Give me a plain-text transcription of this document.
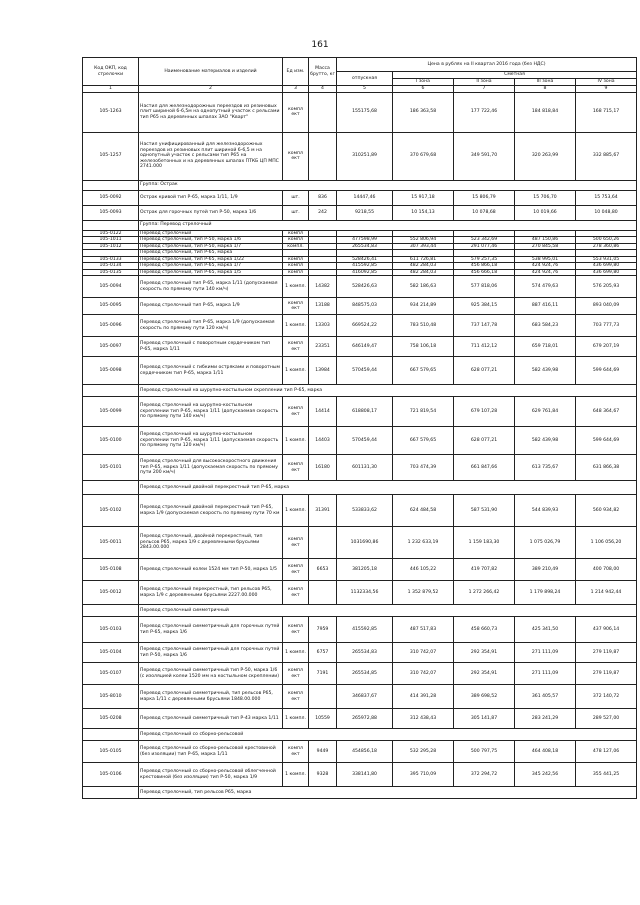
161
Код ОКП, код стрелочки	Наименование материалов и изделий	Ед изм.	Масса брутто, кг	Цена в рублях на II квартал 2016 года (без НДС)				
				отпускная	Сметная			
					I зона	II зона	III зона	IV зона
1	2	3	4	5	6	7	8	9
105-1263	Настил для железнодорожных переездов из резиновых плит шириной 6-6,5м на однопутный участок с рельсами тип Р65 на деревянных шпалах ЗАО "Кварт"	компл ект		155175,68	186 363,58	177 722,46	184 818,84	168 715,17
105-1257	Настил унифицированный для железнодорожных переездов из резиновых плит шириной 6-6,5 м на однопутный участок с рельсами тип Р65 на железобетонных и на деревянных шпалах ПТКБ ЦП МПС 2741.000	компл ект		310251,89	370 679,68	349 591,70	320 263,99	332 885,67
	Группа: Острак							
105-0092	Острак кривой тип Р-65, марка 1/11, 1/9	шт.	836	14447,46	15 917,18	15 806,79	15 706,70	15 753,64
105-0093	Острак для горочных путей тип Р-50, марка 1/6	шт.	242	9218,55	10 154,13	10 078,68	10 019,66	10 048,80
	Группа: Перевод стрелочный							
105-0122	Перевод стрелочный	компл						
105-1011	Перевод стрелочный, тип Р-50, марка 1/6	компл		477598,99	552 806,94	523 342,69	487 150,86	500 650,26
105-1012	Перевод стрелочный, тип Р-50, марка 1/7	компл.		265534,83	307 393,44	291 077,46	270 845,58	278 360,86
	Перевод стрелочный, тип Р-65, марка							
105-0133	Перевод стрелочный, тип Р-65, марка 1/22	компл		528426,41	611 726,81	579 257,35	538 995,01	553 931,05
105-0134	Перевод стрелочный, тип Р-65, марка 1/7	компл		415592,85	482 284,03	456 866,18	424 924,76	436 699,80
105-0135	Перевод стрелочный, тип Р-65, марка 1/5	компл		416092,85	482 284,03	456 666,18	424 924,76	436 699,80
105-0094	Перевод стрелочный тип Р-65, марка 1/11 (допускаемая скорость по прямому пути 140 км/ч)	1 компл.	14382	528426,63	582 186,63	577 818,06	574 479,63	576 205,93
105-0095	Перевод стрелочный тип Р-65, марка 1/9	компл ект	13188	848575,03	934 214,89	925 384,15	887 416,11	893 040,09
105-0096	Перевод стрелочный тип Р-65, марка 1/9 (допускаемая скорость по прямому пути 120 км/ч)	1 компл.	13303	669524,22	783 510,48	737 147,78	683 584,23	703 777,73
105-0097	Перевод стрелочный с поворотным сердечником тип Р-65, марка 1/11	компл ект	23351	646149,47	758 106,18	711 412,12	659 718,01	679 207,19
105-0098	Перевод стрелочный с гибкими остряками и поворотным сердечником тип Р-65, марка 1/11	1 компл.	13984	570459,44	667 579,65	628 077,21	582 439,98	599 644,69
	Перевод стрелочный на шурупно-костыльном скреплении тип Р-65, марка							
105-0099	Перевод стрелочный на шурупно-костыльном скреплении тип Р-65, марка 1/11 (допускаемая скорость по прямому пути 140 км/ч)	компл ект	14414	618808,17	721 819,54	679 107,28	629 761,84	648 364,67
105-0100	Перевод стрелочный на шурупно-костыльном скреплении тип Р-65, марка 1/11 (допускаемая скорость по прямому пути 120 км/ч)	1 компл.	14403	570459,44	667 579,65	628 077,21	582 439,98	599 644,69
105-0101	Перевод стрелочный для высокоскоростного движения тип Р-65, марка 1/11 (допускаемая скорость по прямому пути 200 км/ч)	компл ект	16180	601131,30	703 474,39	661 847,66	613 735,67	631 866,38
	Перевод стрелочный двойной перекрестный тип Р-65, марка							
105-0102	Перевод стрелочный двойной перекрестный тип Р-65, марка 1/9 (допускаемая скорость по прямому пути 70 км	1 компл.	31391	533833,62	624 484,58	587 531,90	544 839,93	560 934,82
105-0011	Перевод стрелочный, двойной перекрестный, тип рельсов Р65, марка 1/9 с деревянными брусьями 2843.00.000	компл ект		1031690,86	1 232 633,19	1 159 183,30	1 075 026,79	1 106 056,20
105-0108	Перевод стрелочный колеи 1524 мм тип Р-50, марка 1/5	компл ект	6653	381205,18	446 105,22	419 707,82	389 210,49	400 708,00
105-0012	Перевод стрелочный перекрестный, тип рельсов Р65, марка 1/9 с деревянными брусьями 2227.00.000	компл ект		1132334,56	1 352 879,52	1 272 266,42	1 179 898,24	1 214 942,44
	Перевод стрелочный симметричный							
105-0103	Перевод стрелочный симметричный для горочных путей тип Р-65, марка 1/6	компл ект	7959	415592,85	487 517,83	458 660,73	425 341,50	437 906,14
105-0104	Перевод стрелочный симметричный для горочных путей тип Р-50, марка 1/6	1 компл.	6757	265534,83	310 742,07	292 354,91	271 111,09	279 119,87
105-0107	Перевод стрелочный симметричный тип Р-50, марка 1/6 (с изоляцией колеи 1520 мм на костыльном скреплении)	компл ект	7191	265534,85	310 742,07	292 354,91	271 111,09	279 119,87
105-8010	Перевод стрелочный симметричный, тип рельсов Р65, марка 1/11 с деревянными брусьями 1848.00.000	компл ект		346837,67	414 391,28	389 698,52	361 405,57	372 140,72
105-0208	Перевод стрелочный симметричный тип Р-43 марка 1/11	1 компл.	10559	265972,88	312 438,43	305 141,87	283 241,29	289 527,00
	Перевод стрелочный со сборно-рельсовой							
105-0105	Перевод стрелочный со сборно-рельсовой крестовиной (без изоляции) тип Р-65, марка 1/11	компл ект	9449	454856,18	532 295,28	500 797,75	464 408,18	478 127,06
105-0106	Перевод стрелочный со сборно-рельсовой облегченной крестовиной (без изоляции) тип Р-50, марка 1/9	1 компл.	9328	338141,80	395 710,09	372 294,72	345 242,56	355 441,25
	Перевод стрелочный, тип рельсов Р65, марка							
